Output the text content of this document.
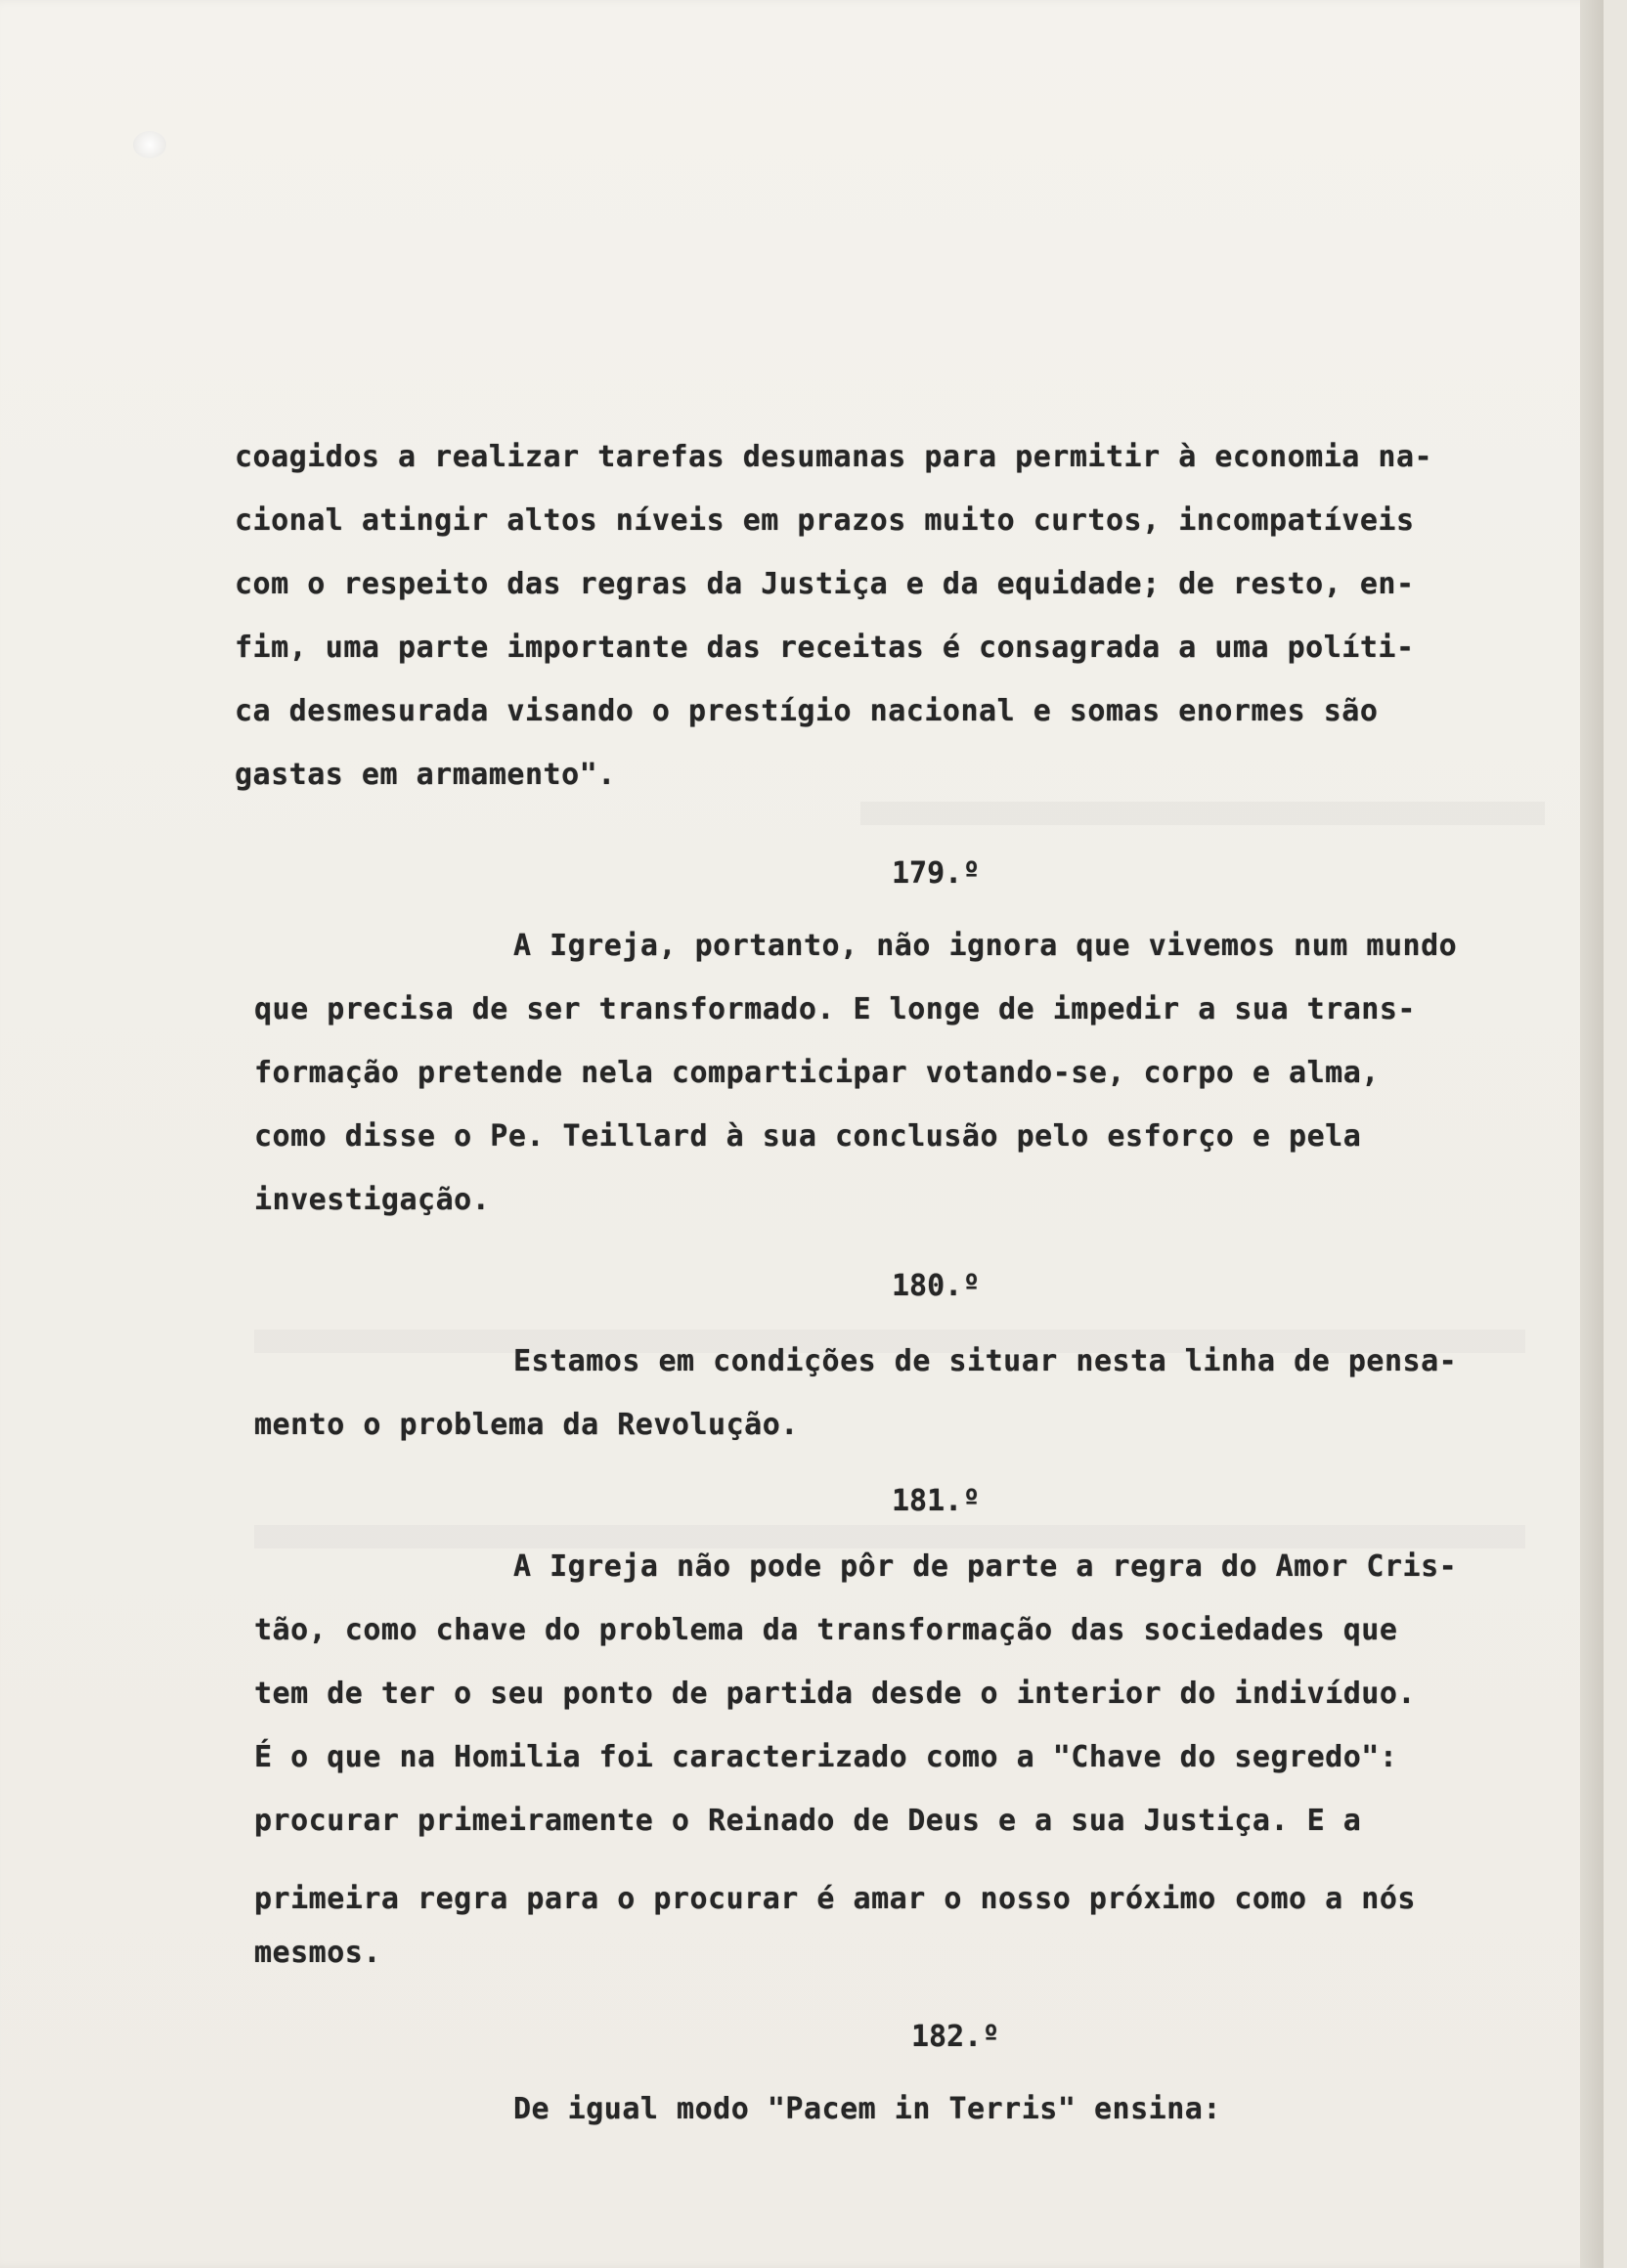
coagidos a realizar tarefas desumanas para permitir à economia na-

cional atingir altos níveis em prazos muito curtos, incompatíveis

com o respeito das regras da Justiça e da equidade; de resto, en-

fim, uma parte importante das receitas é consagrada a uma políti-

ca desmesurada visando o prestígio nacional e somas enormes são

gastas em armamento".

179.º

A Igreja, portanto, não ignora que vivemos num mundo

que precisa de ser transformado. E longe de impedir a sua trans-

formação pretende nela comparticipar votando-se, corpo e alma,

como disse o Pe. Teillard à sua conclusão pelo esforço e pela

investigação.

180.º

Estamos em condições de situar nesta linha de pensa-

mento o problema da Revolução.

181.º

A Igreja não pode pôr de parte a regra do Amor Cris-

tão, como chave do problema da transformação das sociedades que

tem de ter o seu ponto de partida desde o interior do indivíduo.

É o que na Homilia foi caracterizado como a "Chave do segredo":

procurar primeiramente o Reinado de Deus e a sua Justiça. E a

primeira regra para o procurar é amar o nosso próximo como a nós

mesmos.

182.º

De igual modo "Pacem in Terris" ensina:
